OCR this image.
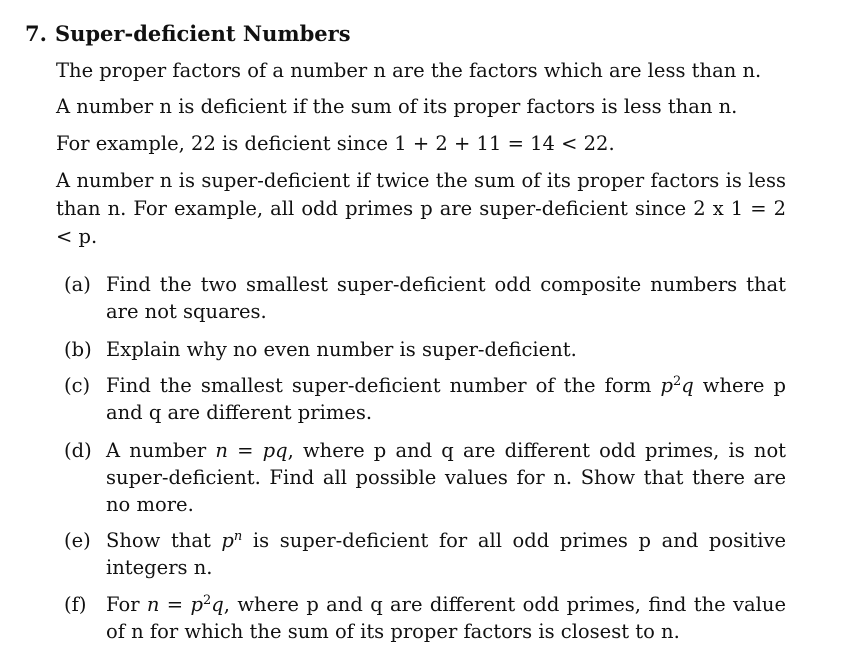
7. Super-deficient Numbers
The proper factors of a number n are the factors which are less than n.
A number n is deficient if the sum of its proper factors is less than n.
For example, 22 is deficient since 1 + 2 + 11 = 14 < 22.
A number n is super-deficient if twice the sum of its proper factors is less than n. For example, all odd primes p are super-deficient since 2 x 1 = 2 < p.
(a) Find the two smallest super-deficient odd composite numbers that are not squares.
(b) Explain why no even number is super-deficient.
(c) Find the smallest super-deficient number of the form $p^2q$ where p and q are different primes.
(d) A number n = pq, where p and q are different odd primes, is not super-deficient. Find all possible values for n. Show that there are no more.
(e) Show that $p^n$ is super-deficient for all odd primes p and positive integers n.
(f)	For $n = p^2q$, where p and q are different odd primes, find the value of n for which the sum of its proper factors is closest to n.
